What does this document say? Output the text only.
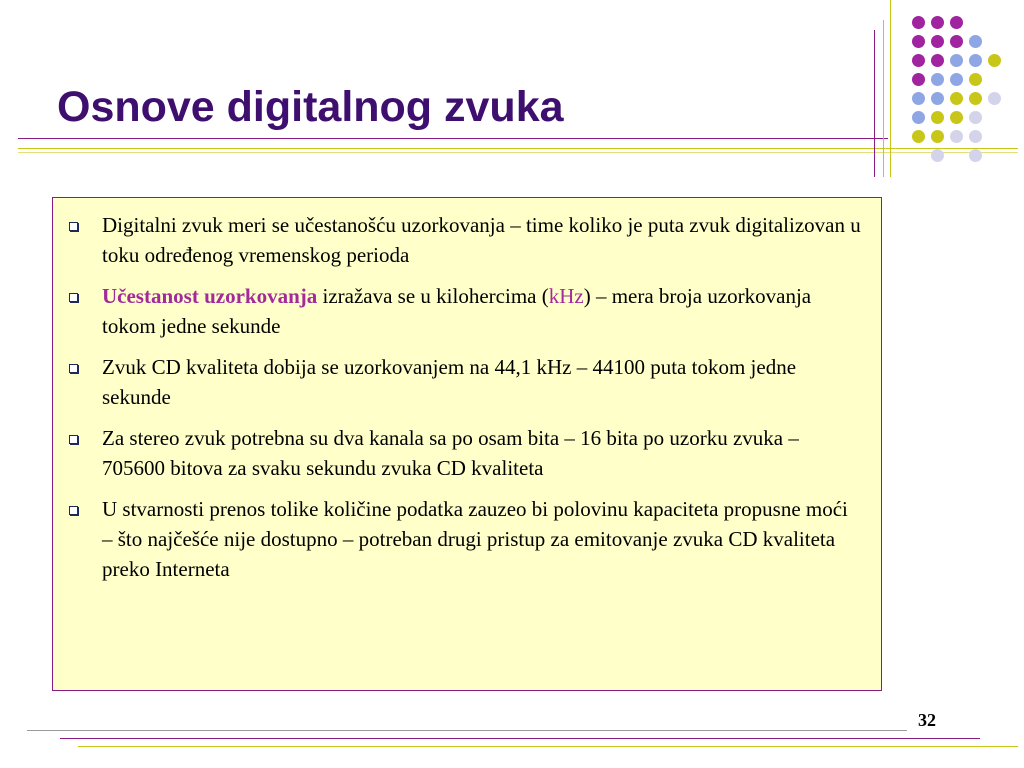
Osnove digitalnog zvuka
Digitalni zvuk meri se učestanošću uzorkovanja – time koliko je puta zvuk digitalizovan u toku određenog vremenskog perioda
Učestanost uzorkovanja izražava se u kilohercima (kHz) – mera broja uzorkovanja tokom jedne sekunde
Zvuk CD kvaliteta dobija se uzorkovanjem na 44,1 kHz – 44100 puta tokom jedne sekunde
Za stereo zvuk potrebna su dva kanala sa po osam bita – 16 bita po uzorku zvuka – 705600 bitova za svaku sekundu zvuka CD kvaliteta
U stvarnosti prenos tolike količine podatka zauzeo bi polovinu kapaciteta propusne moći – što najčešće nije dostupno – potreban drugi pristup za emitovanje zvuka CD kvaliteta preko Interneta
32
